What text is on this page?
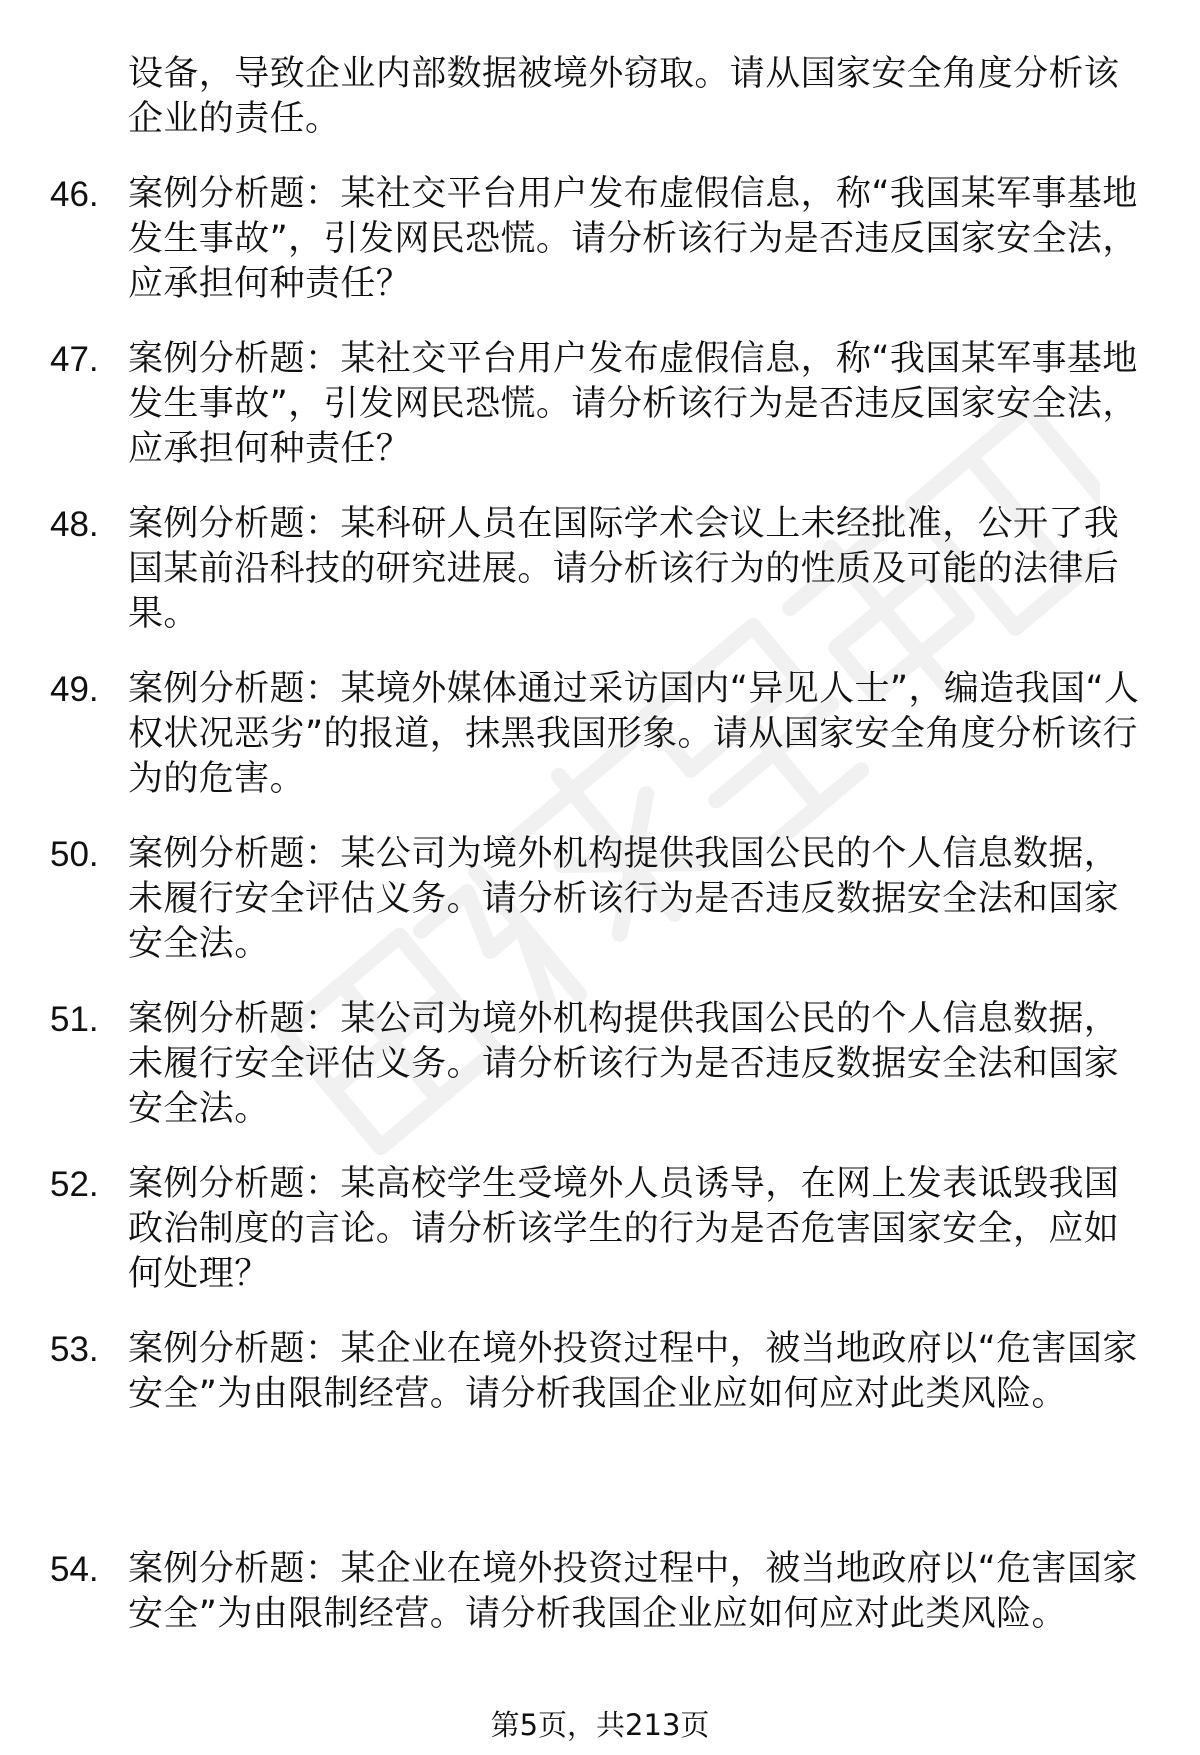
设备，导致企业内部数据被境外窃取。请从国家安全角度分析该企业的责任。

46. 案例分析题：某社交平台用户发布虚假信息，称“我国某军事基地发生事故”，引发网民恐慌。请分析该行为是否违反国家安全法，应承担何种责任？
47. 案例分析题：某社交平台用户发布虚假信息，称“我国某军事基地发生事故”，引发网民恐慌。请分析该行为是否违反国家安全法，应承担何种责任？
48. 案例分析题：某科研人员在国际学术会议上未经批准，公开了我国某前沿科技的研究进展。请分析该行为的性质及可能的法律后果。
49. 案例分析题：某境外媒体通过采访国内“异见人士”，编造我国“人权状况恶劣”的报道，抹黑我国形象。请从国家安全角度分析该行为的危害。
50. 案例分析题：某公司为境外机构提供我国公民的个人信息数据，未履行安全评估义务。请分析该行为是否违反数据安全法和国家安全法。
51. 案例分析题：某公司为境外机构提供我国公民的个人信息数据，未履行安全评估义务。请分析该行为是否违反数据安全法和国家安全法。
52. 案例分析题：某高校学生受境外人员诱导，在网上发表诋毁我国政治制度的言论。请分析该学生的行为是否危害国家安全，应如何处理？
53. 案例分析题：某企业在境外投资过程中，被当地政府以“危害国家安全”为由限制经营。请分析我国企业应如何应对此类风险。
54. 案例分析题：某企业在境外投资过程中，被当地政府以“危害国家安全”为由限制经营。请分析我国企业应如何应对此类风险。
第5页，共213页
